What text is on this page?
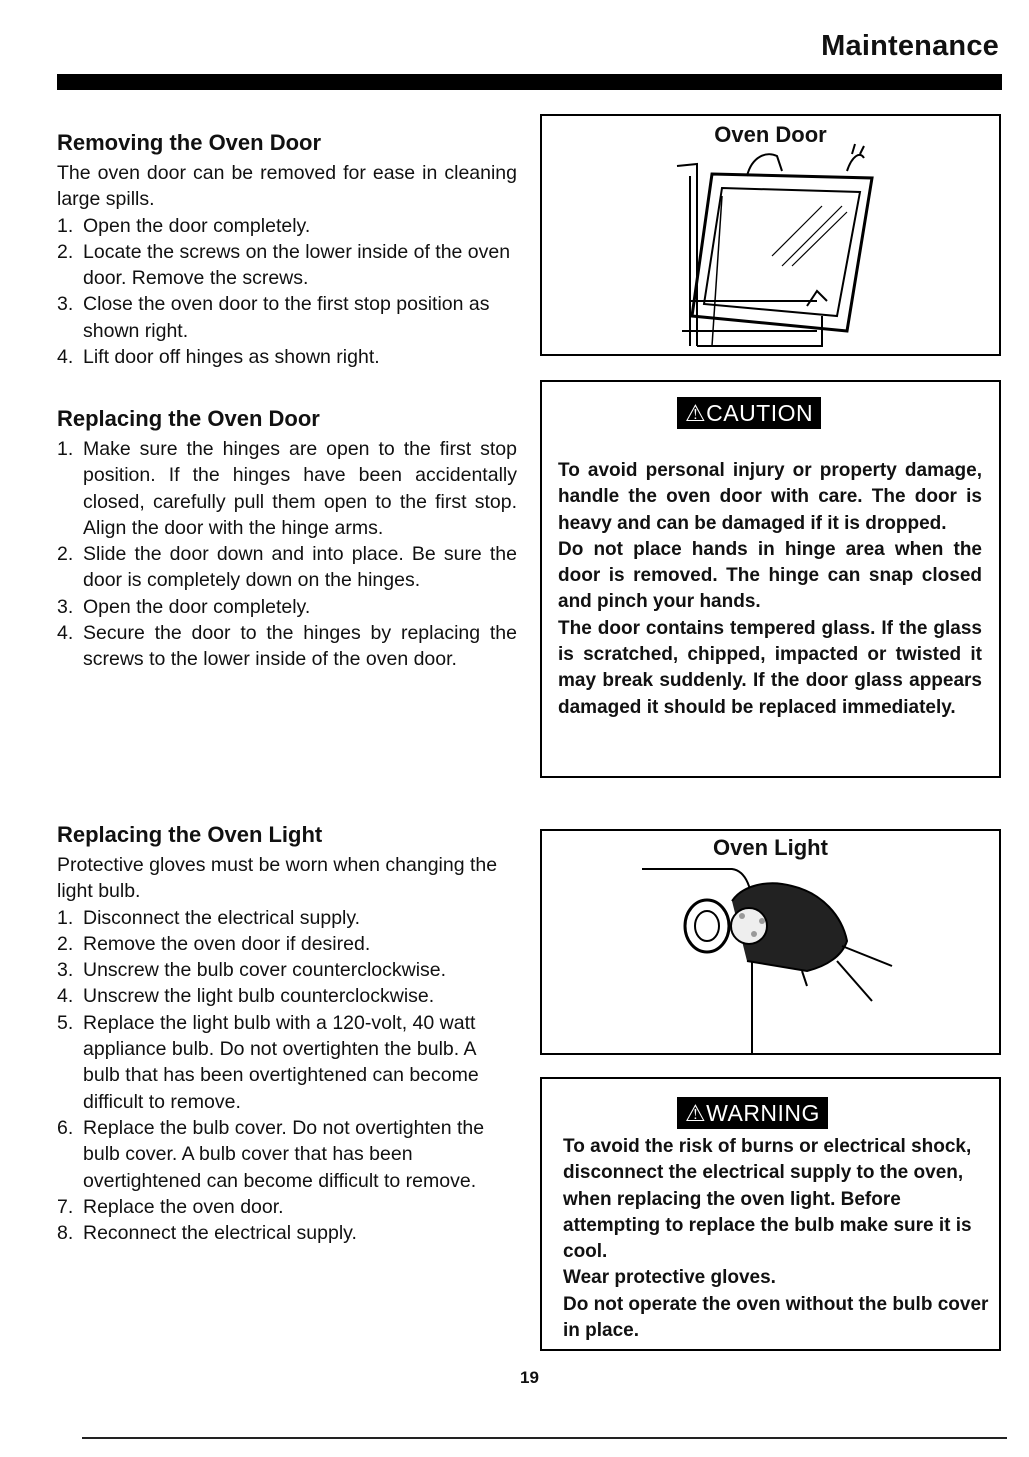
Maintenance
Removing the Oven Door
The oven door can be removed for ease in cleaning large spills.
1. Open the door completely.
2. Locate the screws on the lower inside of the oven door. Remove the screws.
3. Close the oven door to the first stop position as shown right.
4. Lift door off hinges as shown right.
Replacing the Oven Door
1. Make sure the hinges are open to the first stop position. If the hinges have been accidentally closed, carefully pull them open to the first stop. Align the door with the hinge arms.
2. Slide the door down and into place. Be sure the door is completely down on the hinges.
3. Open the door completely.
4. Secure the door to the hinges by replacing the screws to the lower inside of the oven door.
Replacing the Oven Light
Protective gloves must be worn when changing the light bulb.
1. Disconnect the electrical supply.
2. Remove the oven door if desired.
3. Unscrew the bulb cover counterclockwise.
4. Unscrew the light bulb counterclockwise.
5. Replace the light bulb with a 120-volt, 40 watt appliance bulb. Do not overtighten the bulb. A bulb that has been overtightened can become difficult to remove.
6. Replace the bulb cover. Do not overtighten the bulb cover. A bulb cover that has been overtightened can become difficult to remove.
7. Replace the oven door.
8. Reconnect the electrical supply.
Oven Door
⚠CAUTION

To avoid personal injury or property damage, handle the oven door with care. The door is heavy and can be damaged if it is dropped.

Do not place hands in hinge area when the door is removed. The hinge can snap closed and pinch your hands.

The door contains tempered glass. If the glass is scratched, chipped, impacted or twisted it may break suddenly. If the door glass appears damaged it should be replaced immediately.

Oven Light
⚠WARNING

To avoid the risk of burns or electrical shock, disconnect the electrical supply to the oven, when replacing the oven light. Before attempting to replace the bulb make sure it is cool.

Wear protective gloves.

Do not operate the oven without the bulb cover in place.

19
